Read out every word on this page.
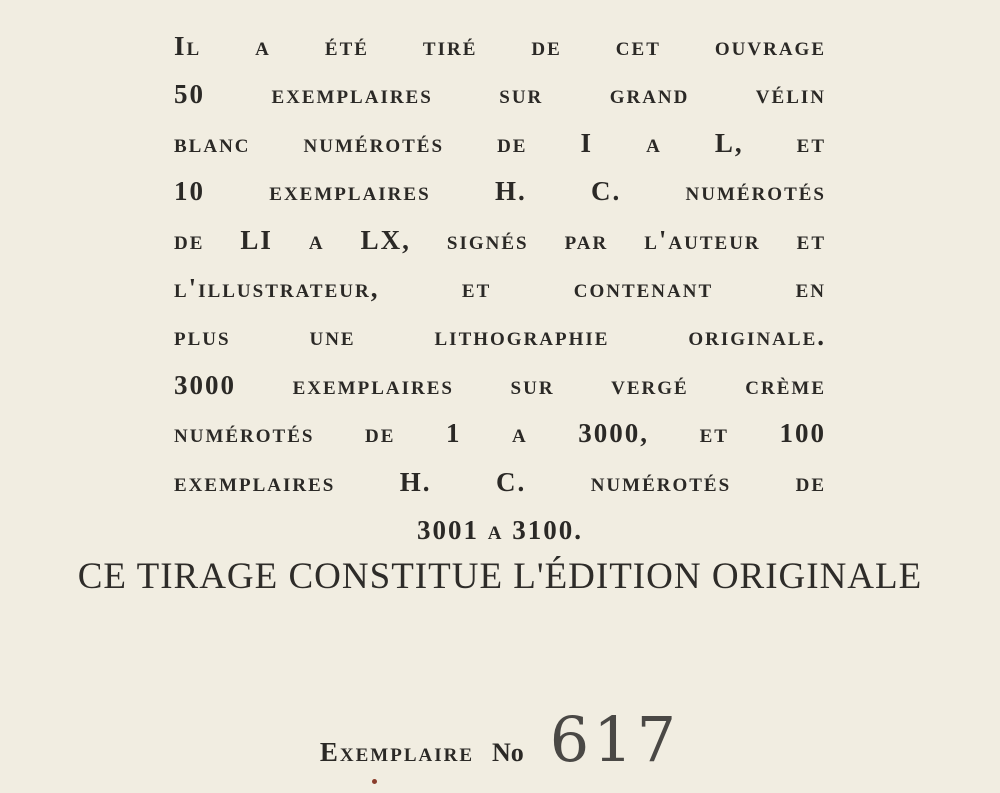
Il a été tiré de cet ouvrage
50 exemplaires sur grand vélin
blanc numérotés de I a L, et
10 exemplaires H. C. numérotés
de LI a LX, signés par l'auteur et
l'illustrateur, et contenant en
plus une lithographie originale.
3000 exemplaires sur vergé crème
numérotés de 1 a 3000, et 100
exemplaires H. C. numérotés de
3001 a 3100.
CE TIRAGE CONSTITUE L'ÉDITION ORIGINALE
Exemplaire No 617
